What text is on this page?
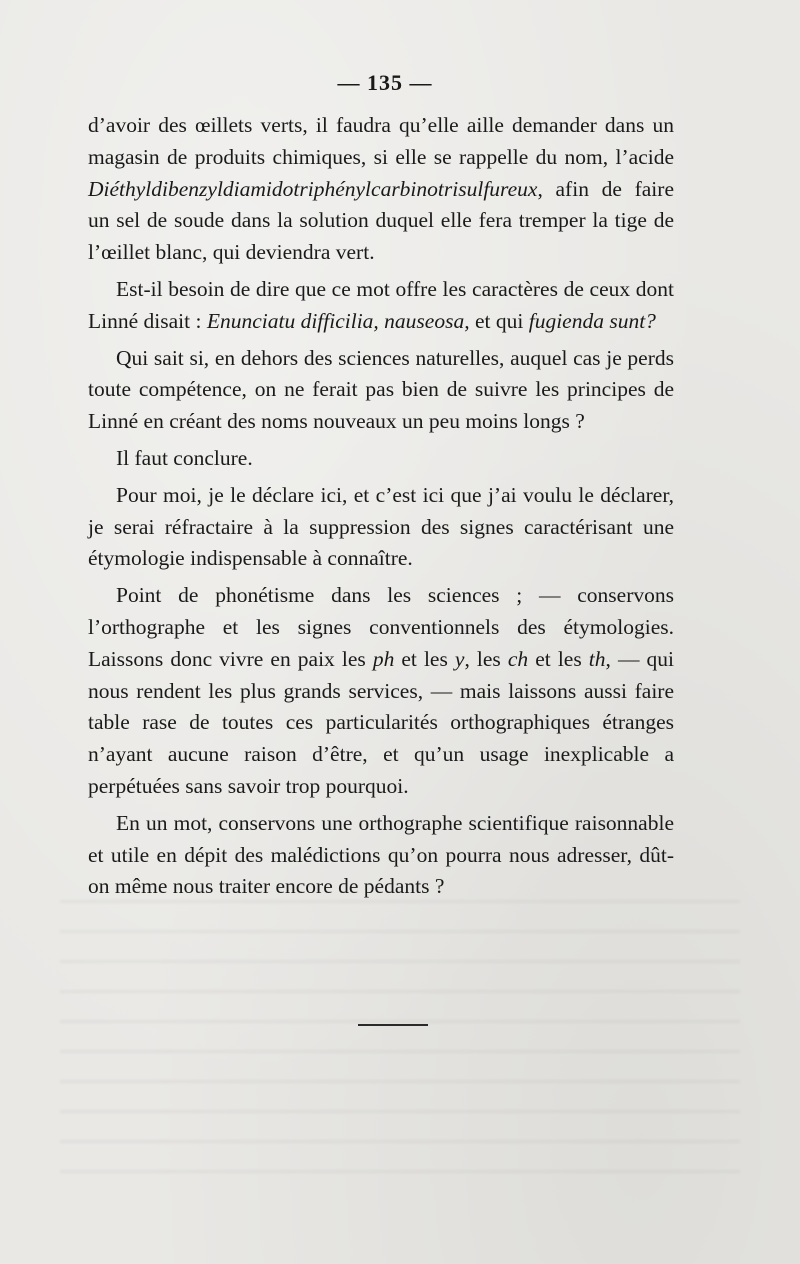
— 135 —

d’avoir des œillets verts, il faudra qu’elle aille demander dans un magasin de produits chimiques, si elle se rappelle du nom, l’acide Diéthyldibenzyldiamidotriphénylcarbinotrisulfureux, afin de faire un sel de soude dans la solution duquel elle fera tremper la tige de l’œillet blanc, qui deviendra vert.

Est-il besoin de dire que ce mot offre les caractères de ceux dont Linné disait : Enunciatu difficilia, nauseosa, et qui fugienda sunt?

Qui sait si, en dehors des sciences naturelles, auquel cas je perds toute compétence, on ne ferait pas bien de suivre les principes de Linné en créant des noms nouveaux un peu moins longs ?

Il faut conclure.

Pour moi, je le déclare ici, et c’est ici que j’ai voulu le déclarer, je serai réfractaire à la suppression des signes caractérisant une étymologie indispensable à connaître.

Point de phonétisme dans les sciences ; — conservons l’orthographe et les signes conventionnels des étymologies. Laissons donc vivre en paix les ph et les y, les ch et les th, — qui nous rendent les plus grands services, — mais laissons aussi faire table rase de toutes ces particularités orthographiques étranges n’ayant aucune raison d’être, et qu’un usage inexplicable a perpétuées sans savoir trop pourquoi.

En un mot, conservons une orthographe scientifique raisonnable et utile en dépit des malédictions qu’on pourra nous adresser, dût-on même nous traiter encore de pédants ?
